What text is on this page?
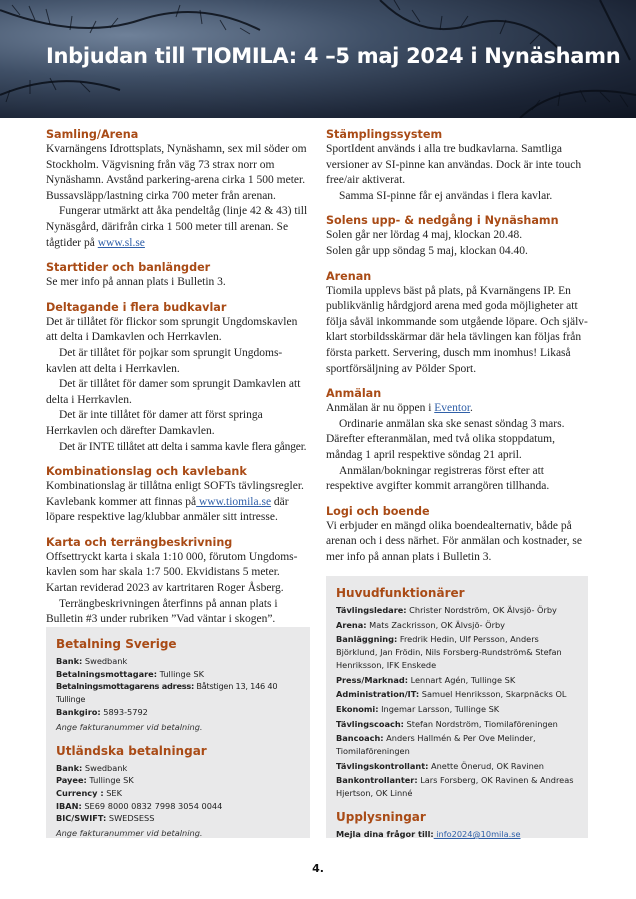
Inbjudan till TIOMILA: 4 –5 maj 2024 i Nynäshamn
Samling/Arena

Kvarnängens Idrottsplats, Nynäshamn, sex mil söder om Stockholm. Vägvisning från väg 73 strax norr om Nynäshamn. Avstånd parkering-arena cirka 1 500 meter. Bussavsläpp/lastning cirka 700 meter från arenan.

Fungerar utmärkt att åka pendeltåg (linje 42 & 43) till Nynäsgård, därifrån cirka 1 500 meter till arenan. Se tågtider på www.sl.se

Starttider och banlängder

Se mer info på annan plats i Bulletin 3.

Deltagande i flera budkavlar

Det är tillåtet för flickor som sprungit Ungdomskavlen att delta i Damkavlen och Herrkavlen.

Det är tillåtet för pojkar som sprungit Ungdoms-kavlen att delta i Herrkavlen.

Det är tillåtet för damer som sprungit Damkavlen att delta i Herrkavlen.

Det är inte tillåtet för damer att först springa Herrkavlen och därefter Damkavlen.

Det är INTE tillåtet att delta i samma kavle flera gånger.

Kombinationslag och kavlebank

Kombinationslag är tillåtna enligt SOFTs tävlingsregler. Kavlebank kommer att finnas på www.tiomila.se där löpare respektive lag/klubbar anmäler sitt intresse.

Karta och terrängbeskrivning

Offsettryckt karta i skala 1:10 000, förutom Ungdoms-kavlen som har skala 1:7 500. Ekvidistans 5 meter. Kartan reviderad 2023 av kartritaren Roger Åsberg.

Terrängbeskrivningen återfinns på annan plats i Bulletin #3 under rubriken ”Vad väntar i skogen”.

Stämplingssystem

SportIdent används i alla tre budkavlarna. Samtliga versioner av SI-pinne kan användas. Dock är inte touch free/air aktiverat.

Samma SI-pinne får ej användas i flera kavlar.

Solens upp- & nedgång i Nynäshamn

Solen går ner lördag 4 maj, klockan 20.48.

Solen går upp söndag 5 maj, klockan 04.40.

Arenan

Tiomila upplevs bäst på plats, på Kvarnängens IP. En publikvänlig hårdgjord arena med goda möjligheter att följa såväl inkommande som utgående löpare. Och själv-klart storbildsskärmar där hela tävlingen kan följas från första parkett. Servering, dusch mm inomhus! Likaså sportförsäljning av Pölder Sport.

Anmälan

Anmälan är nu öppen i Eventor.

Ordinarie anmälan ska ske senast söndag 3 mars. Därefter efteranmälan, med två olika stoppdatum, måndag 1 april respektive söndag 21 april.

Anmälan/bokningar registreras först efter att respektive avgifter kommit arrangören tillhanda.

Logi och boende

Vi erbjuder en mängd olika boendealternativ, både på arenan och i dess närhet. För anmälan och kostnader, se mer info på annan plats i Bulletin 3.

Betalning Sverige
Bank: Swedbank
Betalningsmottagare: Tullinge SK
Betalningsmottagarens adress: Båtstigen 13, 146 40 Tullinge
Bankgiro: 5893-5792
Ange fakturanummer vid betalning.
Utländska betalningar
Bank: Swedbank
Payee: Tullinge SK
Currency : SEK
IBAN: SE69 8000 0832 7998 3054 0044
BIC/SWIFT: SWEDSESS
Ange fakturanummer vid betalning.
Huvudfunktionärer
Tävlingsledare: Christer Nordström, OK Älvsjö- Örby
Arena: Mats Zackrisson, OK Älvsjö- Örby
Banläggning: Fredrik Hedin, Ulf Persson, Anders Björklund, Jan Frödin, Nils Forsberg-Rundström& Stefan Henriksson, IFK Enskede
Press/Marknad: Lennart Agén, Tullinge SK
Administration/IT: Samuel Henriksson, Skarpnäcks OL
Ekonomi: Ingemar Larsson, Tullinge SK
Tävlingscoach: Stefan Nordström, Tiomilaföreningen
Bancoach: Anders Hallmén & Per Ove Melinder, Tiomilaföreningen
Tävlingskontrollant: Anette Önerud, OK Ravinen
Bankontrollanter: Lars Forsberg, OK Ravinen & Andreas Hjertson, OK Linné
Upplysningar
Mejla dina frågor till: info2024@10mila.se
4.
